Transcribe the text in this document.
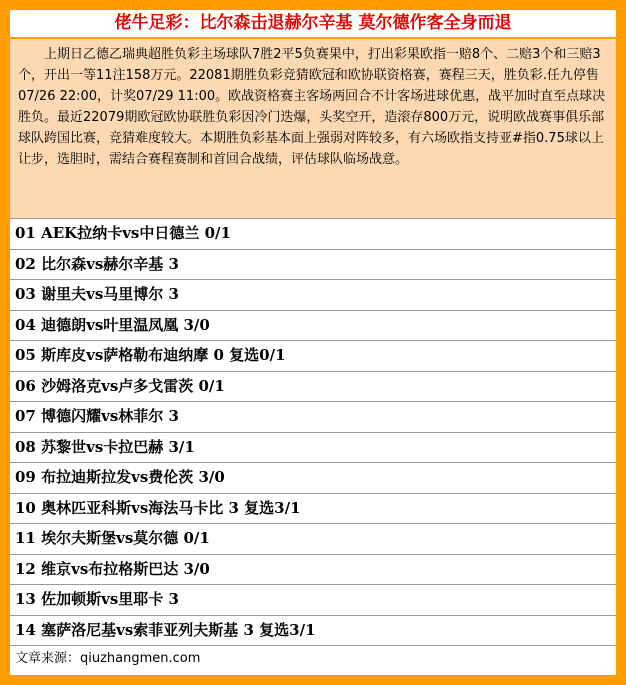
佬牛足彩：比尔森击退赫尔辛基 莫尔德作客全身而退
上期日乙德乙瑞典超胜负彩主场球队7胜2平5负赛果中，打出彩果欧指一赔8个、二赔3个和三赔3个，开出一等11注158万元。22081期胜负彩竞猜欧冠和欧协联资格赛，赛程三天，胜负彩.任九停售07/26 22:00，计奖07/29 11:00。欧战资格赛主客场两回合不计客场进球优惠，战平加时直至点球决胜负。最近22079期欧冠欧协联胜负彩因冷门迭爆，头奖空开，造滚存800万元，说明欧战赛事俱乐部球队跨国比赛，竞猜难度较大。本期胜负彩基本面上强弱对阵较多，有六场欧指支持亚#指0.75球以上让步，选胆时，需结合赛程赛制和首回合战绩，评估球队临场战意。
01 AEK拉纳卡vs中日德兰 0/1
02 比尔森vs赫尔辛基 3
03 谢里夫vs马里博尔 3
04 迪德朗vs叶里温凤凰 3/0
05 斯库皮vs萨格勒布迪纳摩 0 复选0/1
06 沙姆洛克vs卢多戈雷茨 0/1
07 博德闪耀vs林菲尔 3
08 苏黎世vs卡拉巴赫 3/1
09 布拉迪斯拉发vs费伦茨 3/0
10 奥林匹亚科斯vs海法马卡比 3 复选3/1
11 埃尔夫斯堡vs莫尔德 0/1
12 维京vs布拉格斯巴达 3/0
13 佐加顿斯vs里耶卡 3
14 塞萨洛尼基vs索菲亚列夫斯基 3 复选3/1
文章来源：qiuzhangmen.com
